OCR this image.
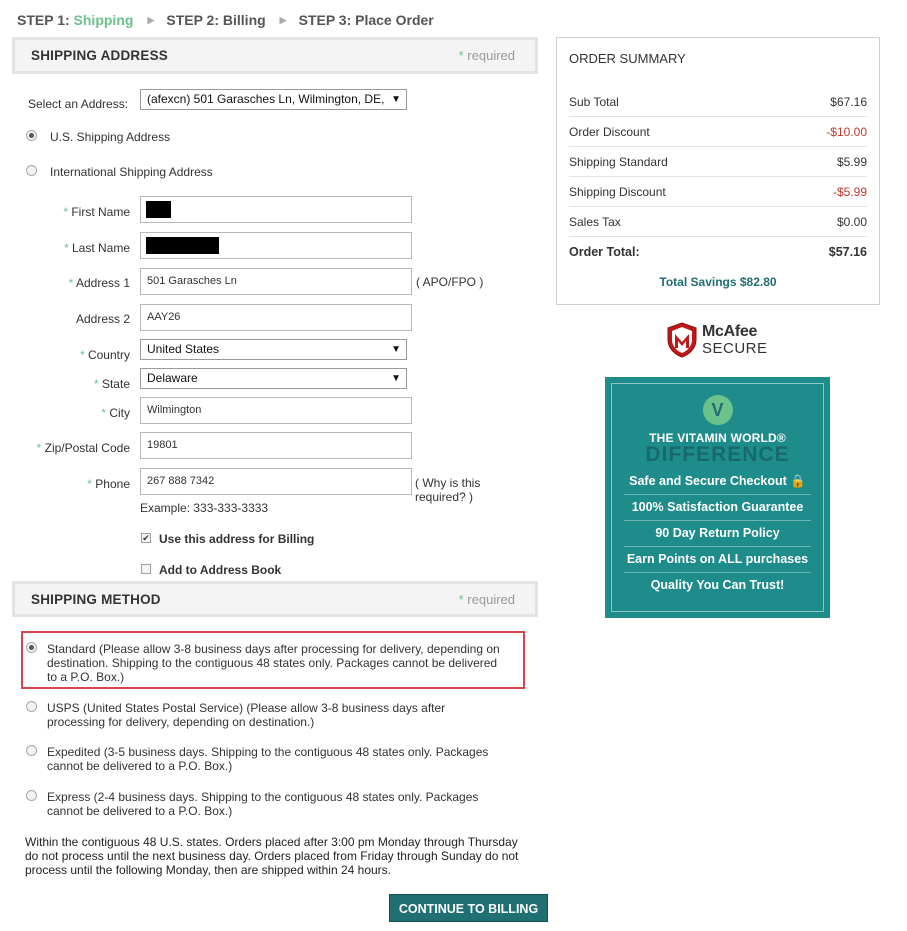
STEP 1:
Shipping ▶ STEP 2: Billing ▶ STEP 3: Place Order
SHIPPING ADDRESS	* required
Select an Address:	(afexcn) 501 Garasches Ln, Wilmington, DE, ▼
U.S. Shipping Address
International Shipping Address
* First Name
* Last Name
* Address 1	501 Garasches Ln	( APO/FPO )
Address 2	AAY26
* Country	United States	▼
* State	Delaware	▼
* City	Wilmington
* Zip/Postal Code	19801
* Phone	267 888 7342	( Why is this
required? )
Example: 333-333-3333
✔ Use this address for Billing
Add to Address Book
SHIPPING METHOD	* required
Standard (Please allow 3-8 business days after processing for delivery, depending on
destination. Shipping to the contiguous 48 states only. Packages cannot be delivered
to a P.O. Box.)
USPS (United States Postal Service) (Please allow 3-8 business days after
processing for delivery, depending on destination.)
Expedited (3-5 business days. Shipping to the contiguous 48 states only. Packages
cannot be delivered to a P.O. Box.)
Express (2-4 business days. Shipping to the contiguous 48 states only. Packages
cannot be delivered to a P.O. Box.)
Within the contiguous 48 U.S. states. Orders placed after 3:00 pm Monday through Thursday
do not process until the next business day. Orders placed from Friday through Sunday do not
process until the following Monday, then are shipped within 24 hours.
CONTINUE TO BILLING
ORDER SUMMARY
Sub Total	$67.16
Order Discount	-$10.00
Shipping Standard	$5.99
Shipping Discount	-$5.99
Sales Tax	$0.00
Order Total:	$57.16
Total Savings $82.80
McAfee
SECURE
V
THE VITAMIN WORLD®
DIFFERENCE
Safe and Secure Checkout 🔒
100% Satisfaction Guarantee
90 Day Return Policy
Earn Points on ALL purchases
Quality You Can Trust!
